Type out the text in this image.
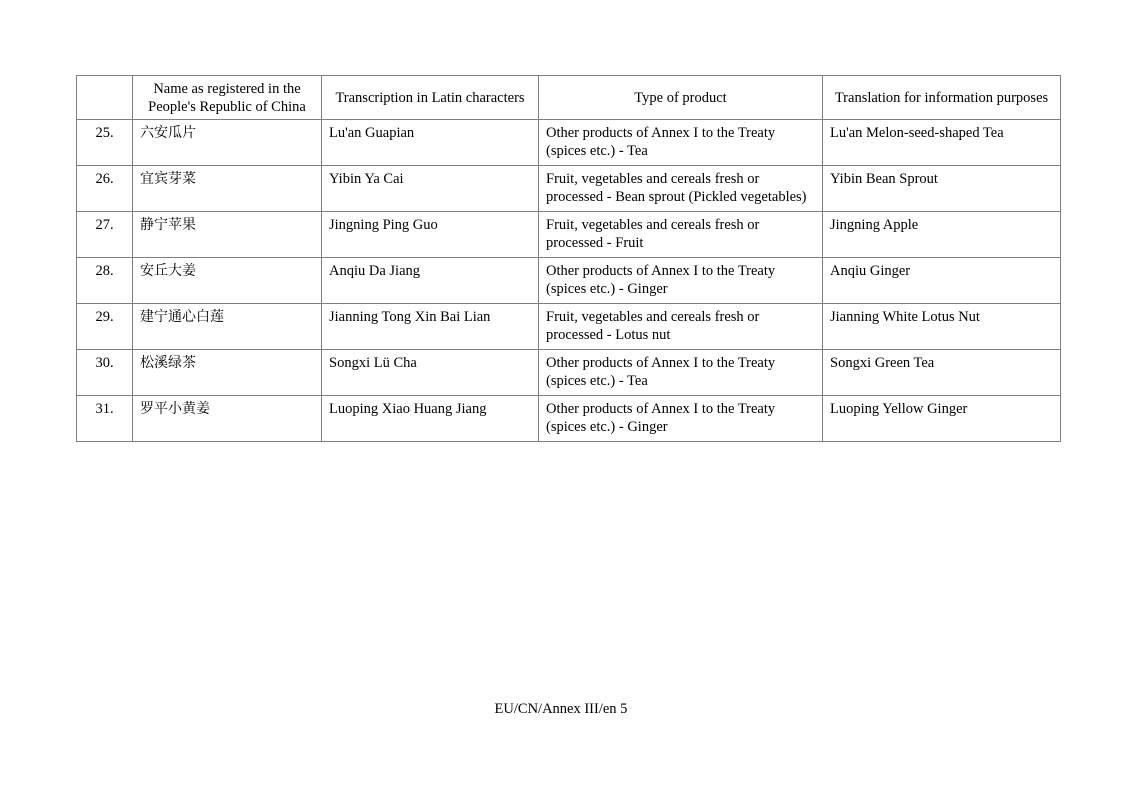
	Name as registered in the People's Republic of China	Transcription in Latin characters	Type of product	Translation for information purposes
25.	六安瓜片	Lu'an Guapian	Other products of Annex I to the Treaty (spices etc.) - Tea	Lu'an Melon-seed-shaped Tea
26.	宜宾芽菜	Yibin Ya Cai	Fruit, vegetables and cereals fresh or processed - Bean sprout (Pickled vegetables)	Yibin Bean Sprout
27.	静宁苹果	Jingning Ping Guo	Fruit, vegetables and cereals fresh or processed - Fruit	Jingning Apple
28.	安丘大姜	Anqiu Da Jiang	Other products of Annex I to the Treaty (spices etc.) - Ginger	Anqiu Ginger
29.	建宁通心白莲	Jianning Tong Xin Bai Lian	Fruit, vegetables and cereals fresh or processed - Lotus nut	Jianning White Lotus Nut
30.	松溪绿茶	Songxi Lü Cha	Other products of Annex I to the Treaty (spices etc.) - Tea	Songxi Green Tea
31.	罗平小黄姜	Luoping Xiao Huang Jiang	Other products of Annex I to the Treaty (spices etc.) - Ginger	Luoping Yellow Ginger
EU/CN/Annex III/en 5
